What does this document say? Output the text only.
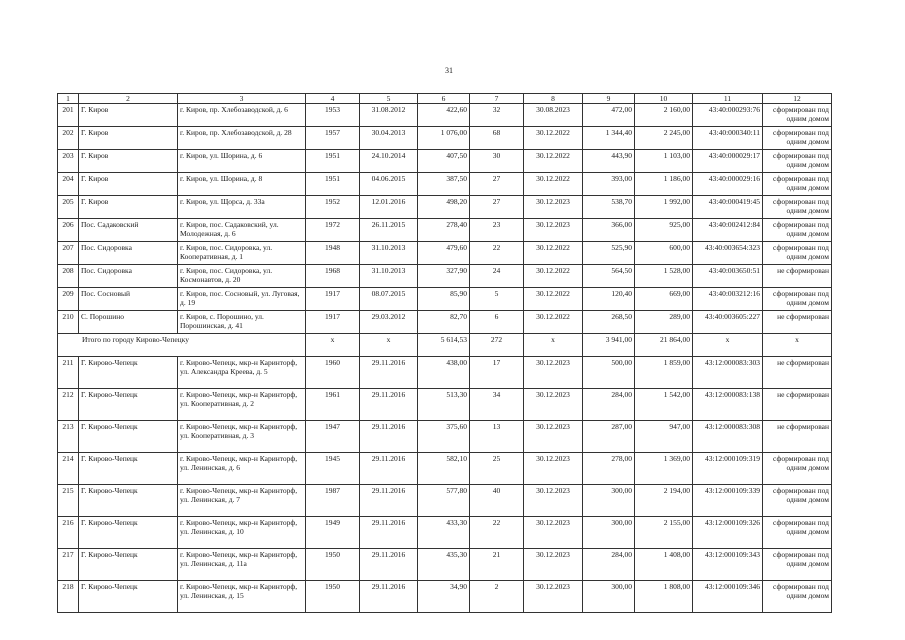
31
1	2	3	4	5	6	7	8	9	10	11	12
201	Г. Киров	г. Киров, пр. Хлебозаводской, д. 6	1953	31.08.2012	422,60	32	30.08.2023	472,00	2 160,00	43:40:000293:76	сформирован под одним домом
202	Г. Киров	г. Киров, пр. Хлебозаводской, д. 28	1957	30.04.2013	1 076,00	68	30.12.2022	1 344,40	2 245,00	43:40:000340:11	сформирован под одним домом
203	Г. Киров	г. Киров, ул. Шорина, д. 6	1951	24.10.2014	407,50	30	30.12.2022	443,90	1 103,00	43:40:000029:17	сформирован под одним домом
204	Г. Киров	г. Киров, ул. Шорина, д. 8	1951	04.06.2015	387,50	27	30.12.2022	393,00	1 186,00	43:40:000029:16	сформирован под одним домом
205	Г. Киров	г. Киров, ул. Щорса, д. 33а	1952	12.01.2016	498,20	27	30.12.2023	538,70	1 992,00	43:40:000419:45	сформирован под одним домом
206	Пос. Садаковский	г. Киров, пос. Садаковский, ул. Молодежная, д. 6	1972	26.11.2015	278,40	23	30.12.2023	366,00	925,00	43:40:002412:84	сформирован под одним домом
207	Пос. Сидоровка	г. Киров, пос. Сидоровка, ул. Кооперативная, д. 1	1948	31.10.2013	479,60	22	30.12.2022	525,90	600,00	43:40:003654:323	сформирован под одним домом
208	Пос. Сидоровка	г. Киров, пос. Сидоровка, ул. Космонавтов, д. 20	1968	31.10.2013	327,90	24	30.12.2022	564,50	1 528,00	43:40:003650:51	не сформирован
209	Пос. Сосновый	г. Киров, пос. Сосновый, ул. Луговая, д. 19	1917	08.07.2015	85,90	5	30.12.2022	120,40	669,00	43:40:003212:16	сформирован под одним домом
210	С. Порошино	г. Киров, с. Порошино, ул. Порошинская, д. 41	1917	29.03.2012	82,70	6	30.12.2022	268,50	289,00	43:40:003605:227	не сформирован
Итого по городу Кирово-Чепецку			x	x	5 614,53	272	x	3 941,00	21 864,00	x	x
211	Г. Кирово-Чепецк	г. Кирово-Чепецк, мкр-н Каринторф, ул. Александра Креева, д. 5	1960	29.11.2016	438,00	17	30.12.2023	500,00	1 859,00	43:12:000083:303	не сформирован
212	Г. Кирово-Чепецк	г. Кирово-Чепецк, мкр-н Каринторф, ул. Кооперативная, д. 2	1961	29.11.2016	513,30	34	30.12.2023	284,00	1 542,00	43:12:000083:138	не сформирован
213	Г. Кирово-Чепецк	г. Кирово-Чепецк, мкр-н Каринторф, ул. Кооперативная, д. 3	1947	29.11.2016	375,60	13	30.12.2023	287,00	947,00	43:12:000083:308	не сформирован
214	Г. Кирово-Чепецк	г. Кирово-Чепецк, мкр-н Каринторф, ул. Ленинская, д. 6	1945	29.11.2016	582,10	25	30.12.2023	278,00	1 369,00	43:12:000109:319	сформирован под одним домом
215	Г. Кирово-Чепецк	г. Кирово-Чепецк, мкр-н Каринторф, ул. Ленинская, д. 7	1987	29.11.2016	577,80	40	30.12.2023	300,00	2 194,00	43:12:000109:339	сформирован под одним домом
216	Г. Кирово-Чепецк	г. Кирово-Чепецк, мкр-н Каринторф, ул. Ленинская, д. 10	1949	29.11.2016	433,30	22	30.12.2023	300,00	2 155,00	43:12:000109:326	сформирован под одним домом
217	Г. Кирово-Чепецк	г. Кирово-Чепецк, мкр-н Каринторф, ул. Ленинская, д. 11а	1950	29.11.2016	435,30	21	30.12.2023	284,00	1 408,00	43:12:000109:343	сформирован под одним домом
218	Г. Кирово-Чепецк	г. Кирово-Чепецк, мкр-н Каринторф, ул. Ленинская, д. 15	1950	29.11.2016	34,90	2	30.12.2023	300,00	1 808,00	43:12:000109:346	сформирован под одним домом
